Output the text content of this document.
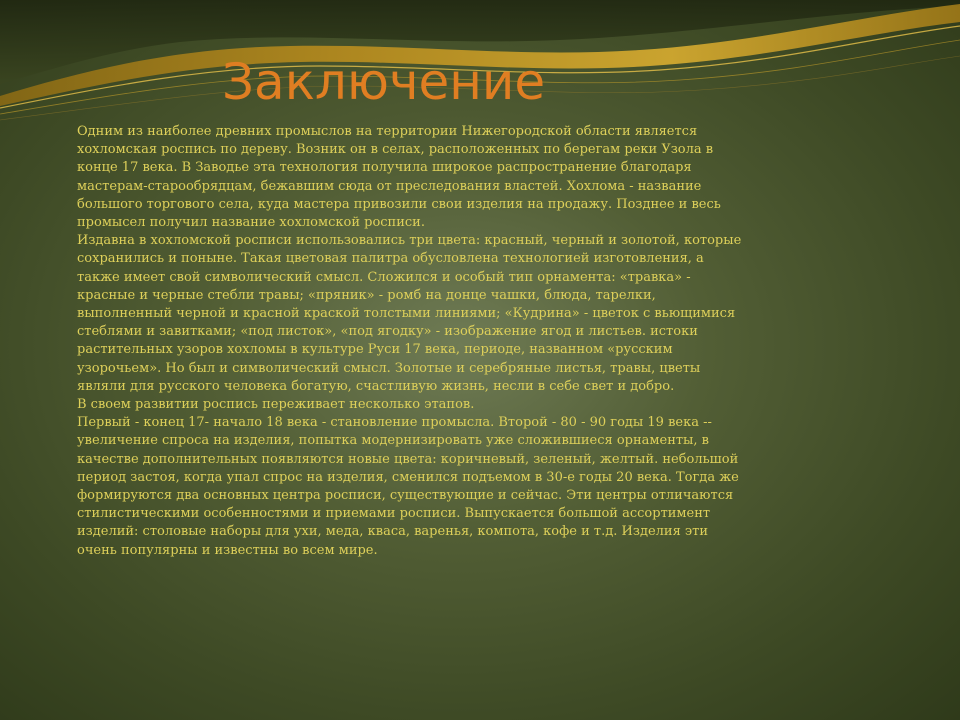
Заключение

Одним из наиболее древних промыслов на территории Нижегородской области является хохломская роспись по дереву. Возник он в селах, расположенных по берегам реки Узола в конце 17 века. В Заводье эта технология получила широкое распространение благодаря мастерам-старообрядцам, бежавшим сюда от преследования властей. Хохлома - название большого торгового села, куда мастера привозили свои изделия на продажу. Позднее и весь промысел получил название хохломской росписи.

Издавна в хохломской росписи использовались три цвета: красный, черный и золотой, которые сохранились и поныне. Такая цветовая палитра обусловлена технологией изготовления, а также имеет свой символический смысл. Сложился и особый тип орнамента: «травка» - красные и черные стебли травы; «пряник» - ромб на донце чашки, блюда, тарелки, выполненный черной и красной краской толстыми линиями; «Кудрина» - цветок с вьющимися стеблями и завитками; «под листок», «под ягодку» - изображение ягод и листьев. истоки растительных узоров хохломы в культуре Руси 17 века, периоде, названном «русским узорочьем». Но был и символический смысл. Золотые и серебряные листья, травы, цветы являли для русского человека богатую, счастливую жизнь, несли в себе свет и добро.

В своем развитии роспись переживает несколько этапов.

Первый - конец 17- начало 18 века - становление промысла. Второй - 80 - 90 годы 19 века -- увеличение спроса на изделия, попытка модернизировать уже сложившиеся орнаменты, в качестве дополнительных появляются новые цвета: коричневый, зеленый, желтый. небольшой период застоя, когда упал спрос на изделия, сменился подъемом в 30-е годы 20 века. Тогда же формируются два основных центра росписи, существующие и сейчас. Эти центры отличаются стилистическими особенностями и приемами росписи. Выпускается большой ассортимент изделий: столовые наборы для ухи, меда, кваса, варенья, компота, кофе и т.д. Изделия эти очень популярны и известны во всем мире.
